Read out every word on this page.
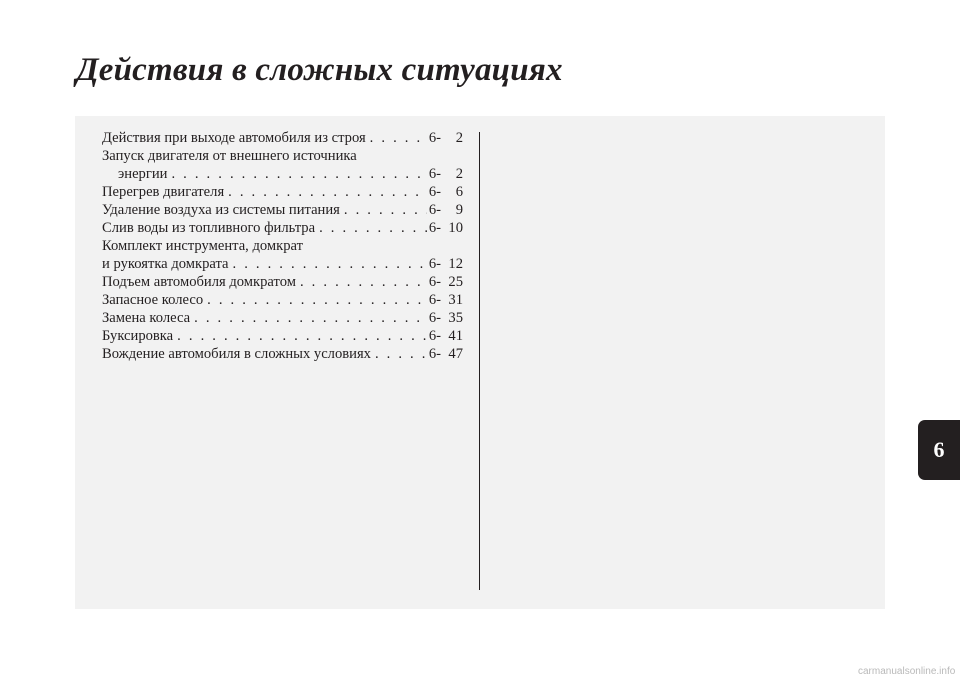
Действия в сложных ситуациях
Действия при выходе автомобиля из строя . . .	6-	2
Запуск двигателя от внешнего источника
энергии . . .	6-	2
Перегрев двигателя . . .	6-	6
Удаление воздуха из системы питания . . .	6-	9
Слив воды из топливного фильтра . . .	6- 10
Комплект инструмента, домкрат
и рукоятка домкрата . . .	6- 12
Подъем автомобиля домкратом . . .	6- 25
Запасное колесо . . .	6- 31
Замена колеса . . .	6- 35
Буксировка . . .	6- 41
Вождение автомобиля в сложных условиях . . .	6- 47
6
carmanualsonline.info
